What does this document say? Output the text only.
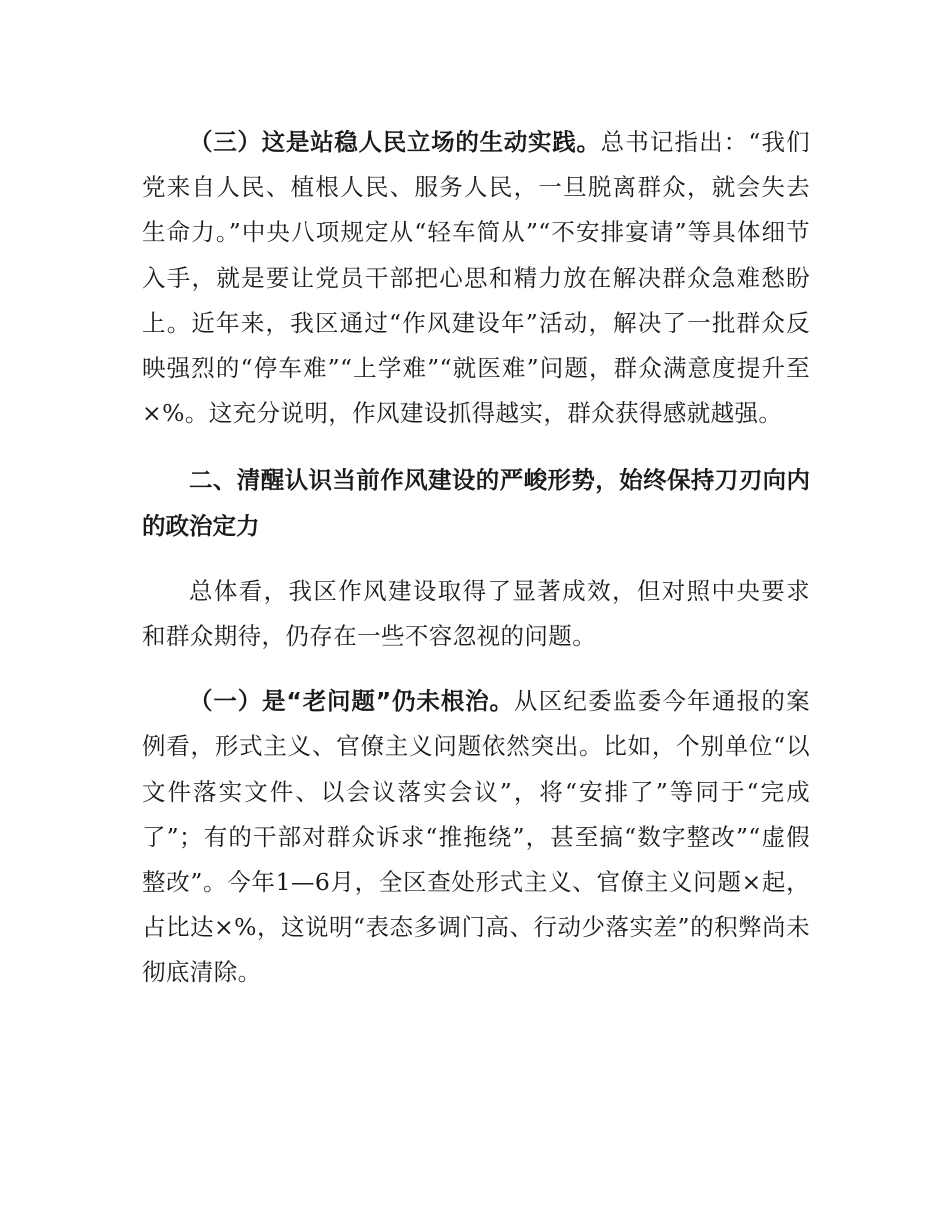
（三）这是站稳人民立场的生动实践。总书记指出：“我们党来自人民、植根人民、服务人民，一旦脱离群众，就会失去生命力。”中央八项规定从“轻车简从”“不安排宴请”等具体细节入手，就是要让党员干部把心思和精力放在解决群众急难愁盼上。近年来，我区通过“作风建设年”活动，解决了一批群众反映强烈的“停车难”“上学难”“就医难”问题，群众满意度提升至×%。这充分说明，作风建设抓得越实，群众获得感就越强。

二、清醒认识当前作风建设的严峻形势，始终保持刀刃向内的政治定力

总体看，我区作风建设取得了显著成效，但对照中央要求和群众期待，仍存在一些不容忽视的问题。

（一）是“老问题”仍未根治。从区纪委监委今年通报的案例看，形式主义、官僚主义问题依然突出。比如，个别单位“以文件落实文件、以会议落实会议”，将“安排了”等同于“完成了”；有的干部对群众诉求“推拖绕”，甚至搞“数字整改”“虚假整改”。今年1—6月，全区查处形式主义、官僚主义问题×起，占比达×%，这说明“表态多调门高、行动少落实差”的积弊尚未彻底清除。
